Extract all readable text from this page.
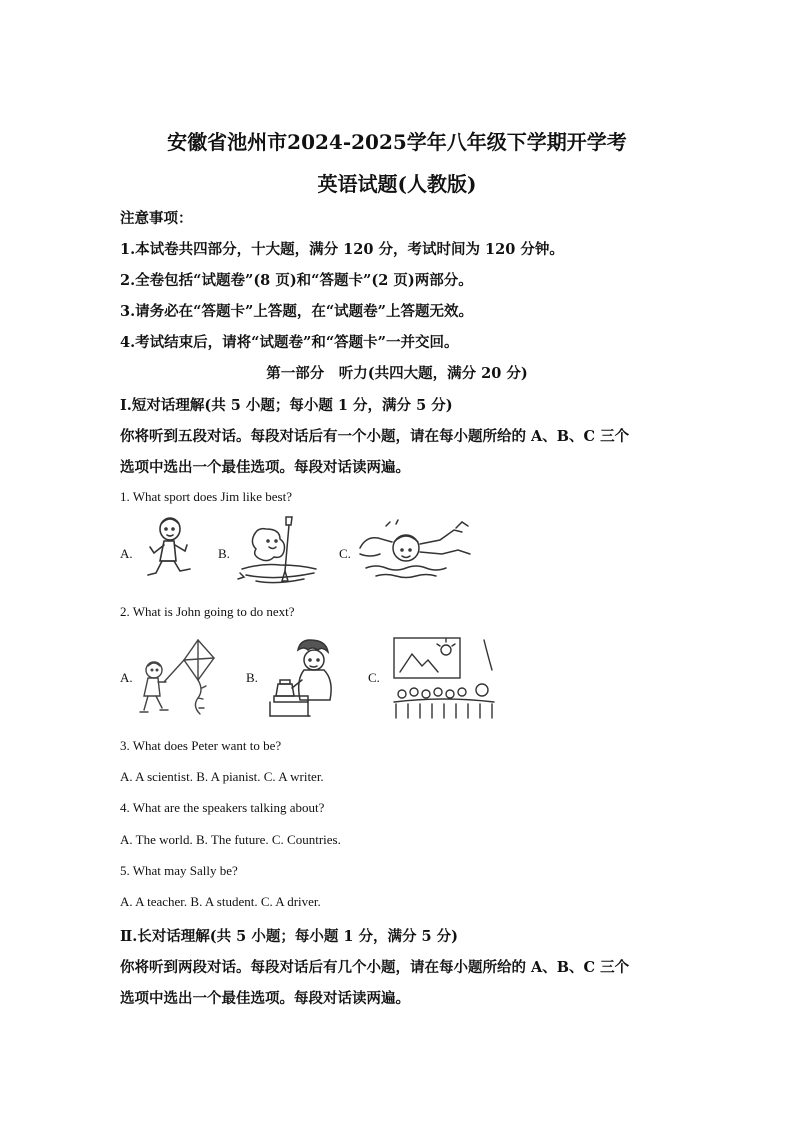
安徽省池州市2024-2025学年八年级下学期开学考
英语试题(人教版)
注意事项：
1.本试卷共四部分，十大题，满分 120 分，考试时间为 120 分钟。
2.全卷包括“试题卷”(8 页)和“答题卡”(2 页)两部分。
3.请务必在“答题卡”上答题，在“试题卷”上答题无效。
4.考试结束后，请将“试题卷”和“答题卡”一并交回。
第一部分　听力(共四大题，满分 20 分)
Ⅰ.短对话理解(共 5 小题；每小题 1 分，满分 5 分)
你将听到五段对话。每段对话后有一个小题，请在每小题所给的 A、B、C 三个
选项中选出一个最佳选项。每段对话读两遍。
1. What sport does Jim like best?
A.	B.	C.
2. What is John going to do next?
A.	B.	C.
3. What does Peter want to be?
A. A scientist. B. A pianist. C. A writer.
4. What are the speakers talking about?
A. The world. B. The future. C. Countries.
5. What may Sally be?
A. A teacher. B. A student. C. A driver.
Ⅱ.长对话理解(共 5 小题；每小题 1 分，满分 5 分)
你将听到两段对话。每段对话后有几个小题，请在每小题所给的 A、B、C 三个
选项中选出一个最佳选项。每段对话读两遍。
